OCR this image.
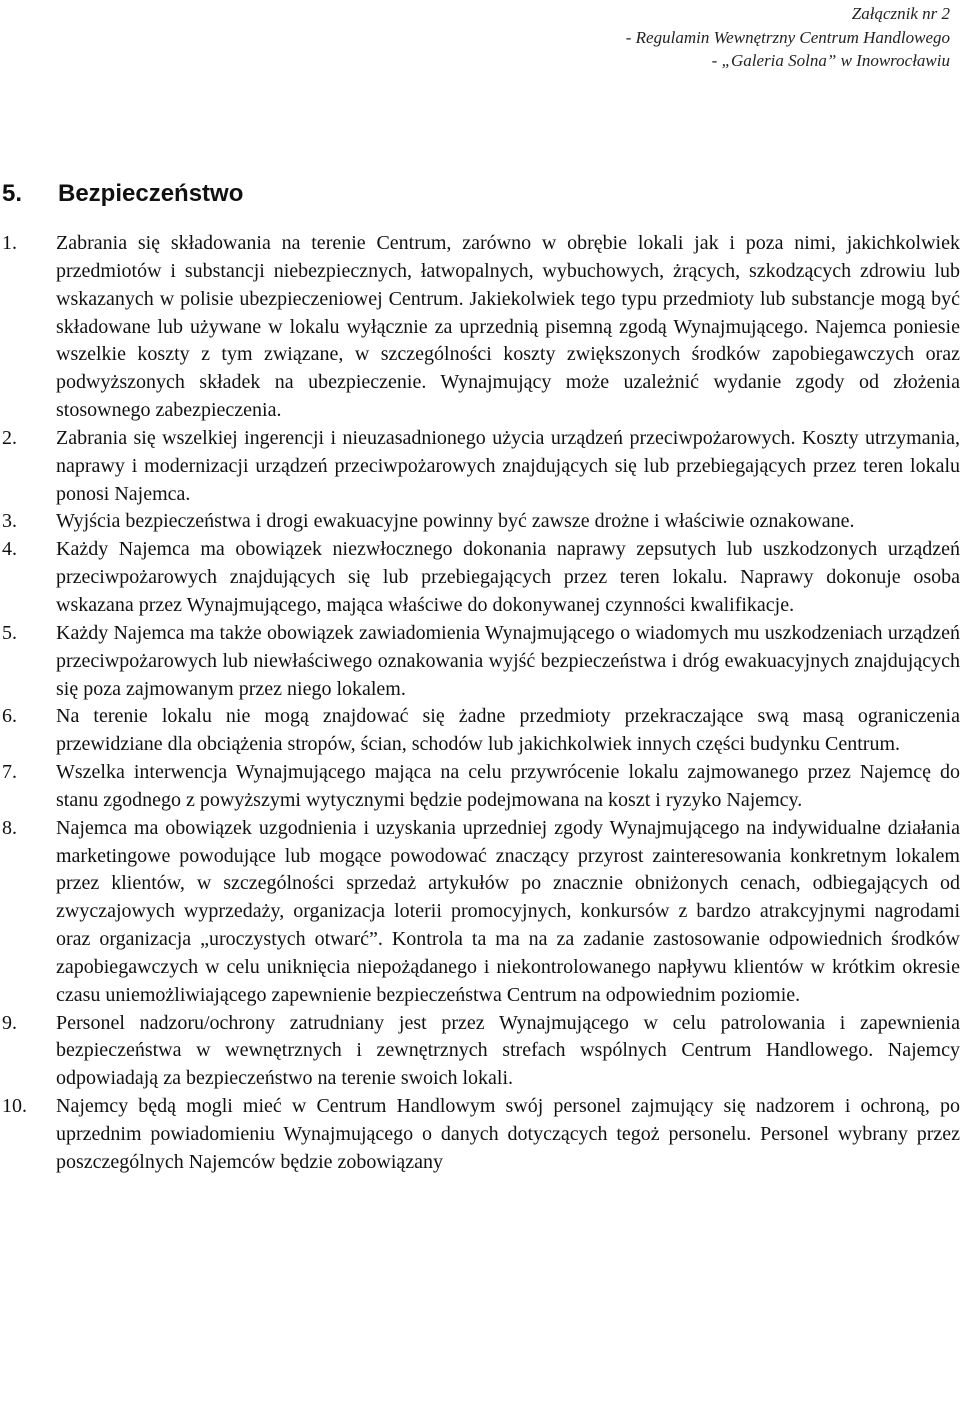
Załącznik nr 2
- Regulamin Wewnętrzny Centrum Handlowego
- „Galeria Solna” w Inowrocławiu
5. Bezpieczeństwo
1. Zabrania się składowania na terenie Centrum, zarówno w obrębie lokali jak i poza nimi, jakichkolwiek przedmiotów i substancji niebezpiecznych, łatwopalnych, wybuchowych, żrących, szkodzących zdrowiu lub wskazanych w polisie ubezpieczeniowej Centrum. Jakiekolwiek tego typu przedmioty lub substancje mogą być składowane lub używane w lokalu wyłącznie za uprzednią pisemną zgodą Wynajmującego. Najemca poniesie wszelkie koszty z tym związane, w szczególności koszty zwiększonych środków zapobiegawczych oraz podwyższonych składek na ubezpieczenie. Wynajmujący może uzależnić wydanie zgody od złożenia stosownego zabezpieczenia.

2. Zabrania się wszelkiej ingerencji i nieuzasadnionego użycia urządzeń przeciwpożarowych. Koszty utrzymania, naprawy i modernizacji urządzeń przeciwpożarowych znajdujących się lub przebiegających przez teren lokalu ponosi Najemca.

3. Wyjścia bezpieczeństwa i drogi ewakuacyjne powinny być zawsze drożne i właściwie oznakowane.

4. Każdy Najemca ma obowiązek niezwłocznego dokonania naprawy zepsutych lub uszkodzonych urządzeń przeciwpożarowych znajdujących się lub przebiegających przez teren lokalu. Naprawy dokonuje osoba wskazana przez Wynajmującego, mająca właściwe do dokonywanej czynności kwalifikacje.

5. Każdy Najemca ma także obowiązek zawiadomienia Wynajmującego o wiadomych mu uszkodzeniach urządzeń przeciwpożarowych lub niewłaściwego oznakowania wyjść bezpieczeństwa i dróg ewakuacyjnych znajdujących się poza zajmowanym przez niego lokalem.

6. Na terenie lokalu nie mogą znajdować się żadne przedmioty przekraczające swą masą ograniczenia przewidziane dla obciążenia stropów, ścian, schodów lub jakichkolwiek innych części budynku Centrum.

7. Wszelka interwencja Wynajmującego mająca na celu przywrócenie lokalu zajmowanego przez Najemcę do stanu zgodnego z powyższymi wytycznymi będzie podejmowana na koszt i ryzyko Najemcy.

8. Najemca ma obowiązek uzgodnienia i uzyskania uprzedniej zgody Wynajmującego na indywidualne działania marketingowe powodujące lub mogące powodować znaczący przyrost zainteresowania konkretnym lokalem przez klientów, w szczególności sprzedaż artykułów po znacznie obniżonych cenach, odbiegających od zwyczajowych wyprzedaży, organizacja loterii promocyjnych, konkursów z bardzo atrakcyjnymi nagrodami oraz organizacja „uroczystych otwarć”. Kontrola ta ma na za zadanie zastosowanie odpowiednich środków zapobiegawczych w celu uniknięcia niepożądanego i niekontrolowanego napływu klientów w krótkim okresie czasu uniemożliwiającego zapewnienie bezpieczeństwa Centrum na odpowiednim poziomie.

9. Personel nadzoru/ochrony zatrudniany jest przez Wynajmującego w celu patrolowania i zapewnienia bezpieczeństwa w wewnętrznych i zewnętrznych strefach wspólnych Centrum Handlowego. Najemcy odpowiadają za bezpieczeństwo na terenie swoich lokali.

10. Najemcy będą mogli mieć w Centrum Handlowym swój personel zajmujący się nadzorem i ochroną, po uprzednim powiadomieniu Wynajmującego o danych dotyczących tegoż personelu. Personel wybrany przez poszczególnych Najemców będzie zobowiązany
